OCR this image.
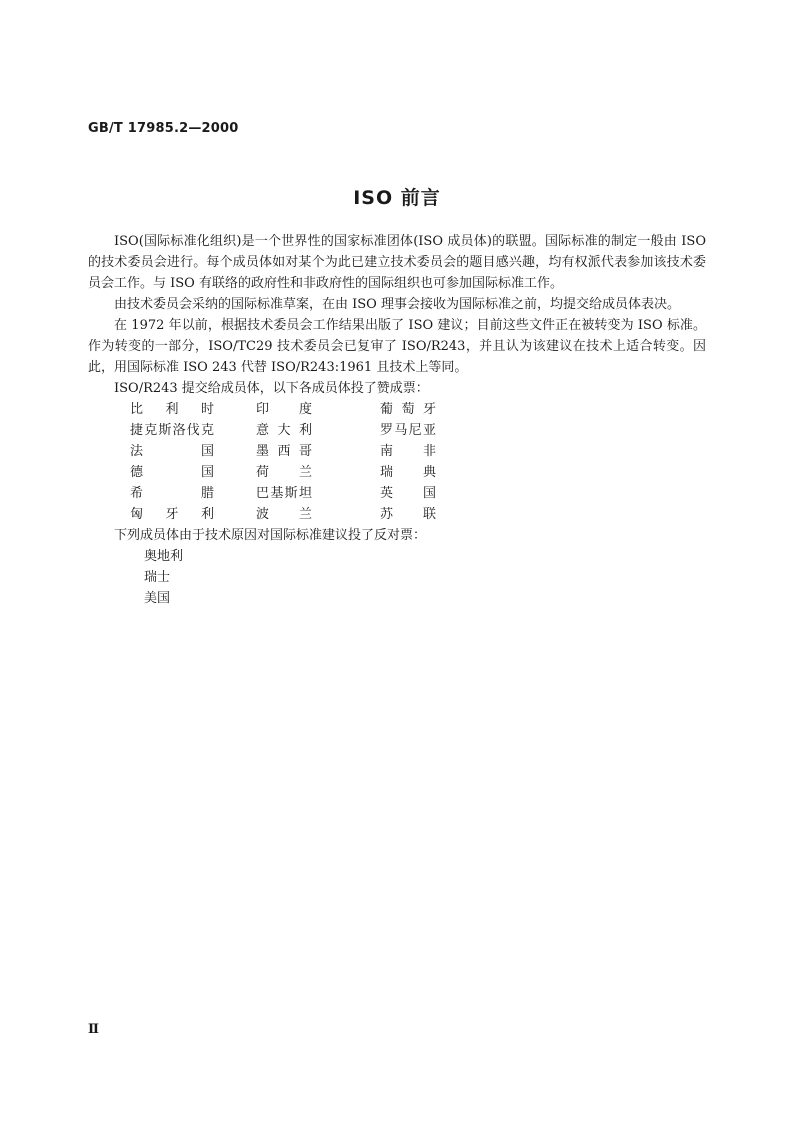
GB/T 17985.2—2000
ISO 前言

ISO(国际标准化组织)是一个世界性的国家标准团体(ISO 成员体)的联盟。国际标准的制定一般由 ISO 的技术委员会进行。每个成员体如对某个为此已建立技术委员会的题目感兴趣，均有权派代表参加该技术委员会工作。与 ISO 有联络的政府性和非政府性的国际组织也可参加国际标准工作。

由技术委员会采纳的国际标准草案，在由 ISO 理事会接收为国际标准之前，均提交给成员体表决。

在 1972 年以前，根据技术委员会工作结果出版了 ISO 建议；目前这些文件正在被转变为 ISO 标准。作为转变的一部分，ISO/TC29 技术委员会已复审了 ISO/R243，并且认为该建议在技术上适合转变。因此，用国际标准 ISO 243 代替 ISO/R243:1961 且技术上等同。

ISO/R243 提交给成员体，以下各成员体投了赞成票：

比利时		印度		葡萄牙
捷克斯洛伐克		意大利		罗马尼亚
法国		墨西哥		南非
德国		荷兰		瑞典
希腊		巴基斯坦		英国
匈牙利		波兰		苏联

下列成员体由于技术原因对国际标准建议投了反对票：

奥地利
瑞士
美国
Ⅱ
